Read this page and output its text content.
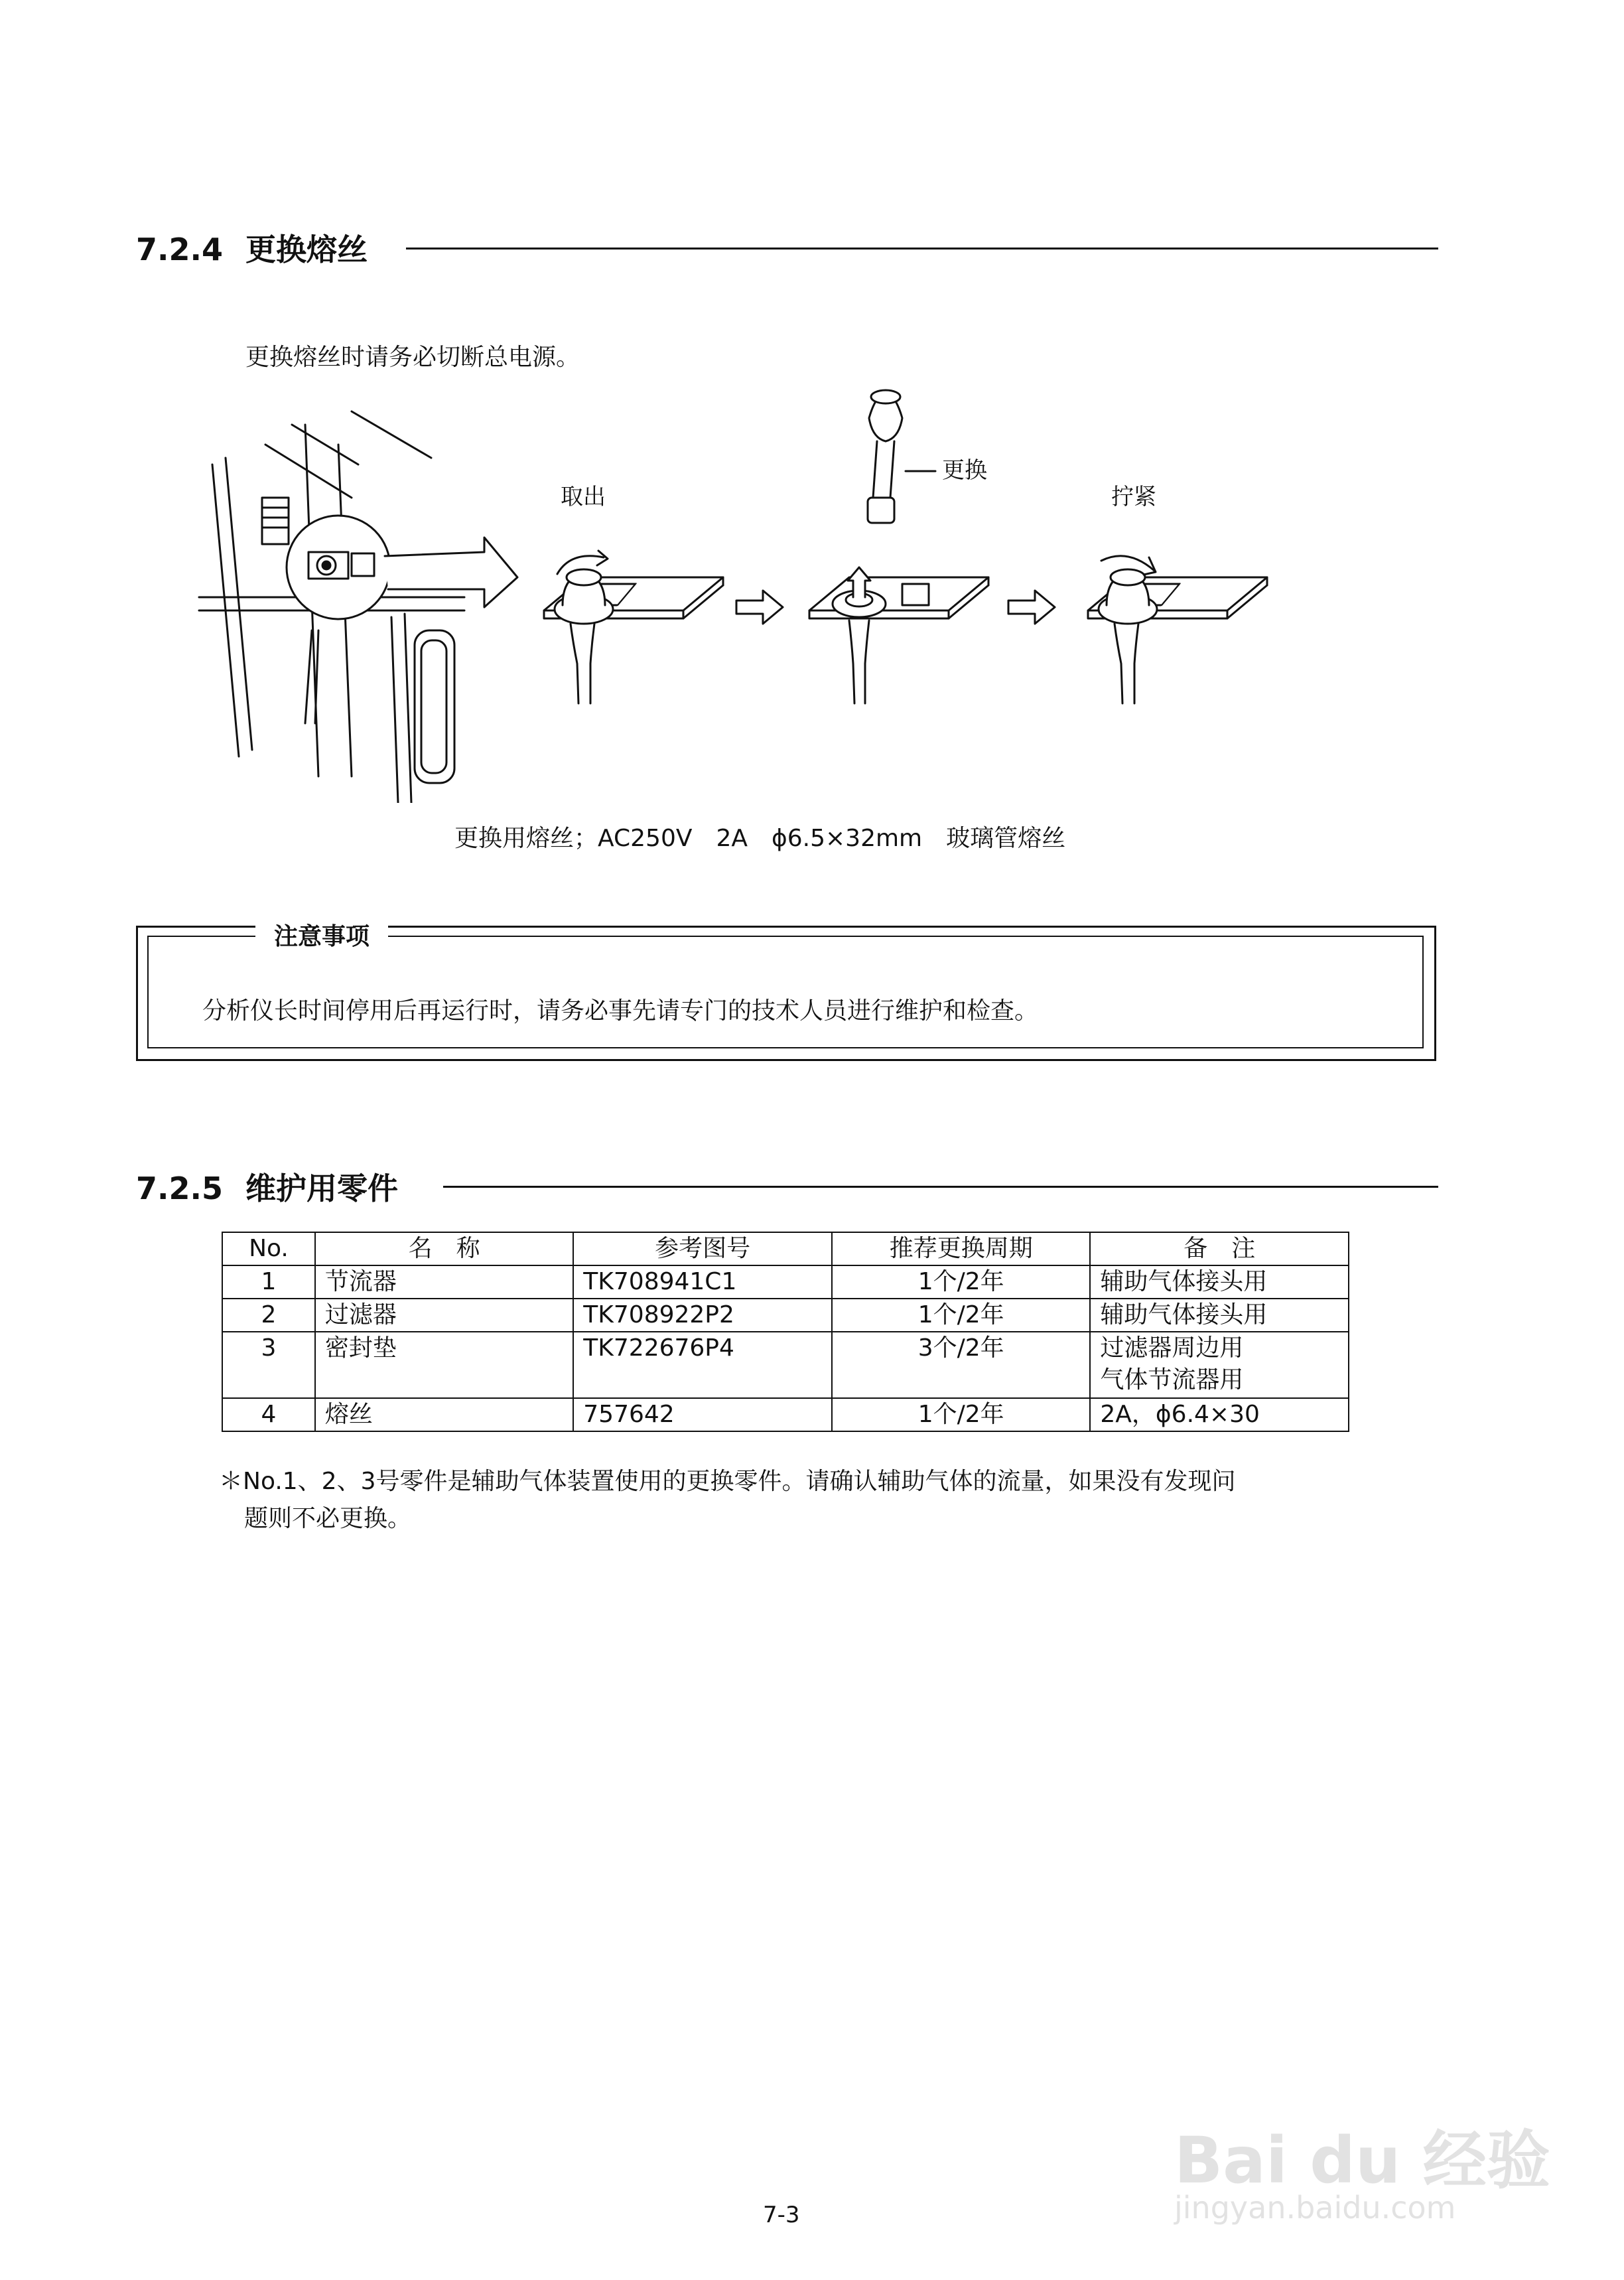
7.2.4 更换熔丝
更换熔丝时请务必切断总电源。
取出
更换
拧紧
更换用熔丝；AC250V　2A　ϕ6.5×32mm　玻璃管熔丝
注意事项
分析仪长时间停用后再运行时，请务必事先请专门的技术人员进行维护和检查。
7.2.5 维护用零件
No.	名　称	参考图号	推荐更换周期	备　注
1	节流器	TK708941C1	1个/2年	辅助气体接头用
2	过滤器	TK708922P2	1个/2年	辅助气体接头用
3	密封垫	TK722676P4	3个/2年	过滤器周边用
气体节流器用

4	熔丝	757642	1个/2年	2A，ϕ6.4×30
＊No.1、2、3号零件是辅助气体装置使用的更换零件。请确认辅助气体的流量，如果没有发现问
题则不必更换。
Bai du 经验
jingyan.baidu.com
7-3
